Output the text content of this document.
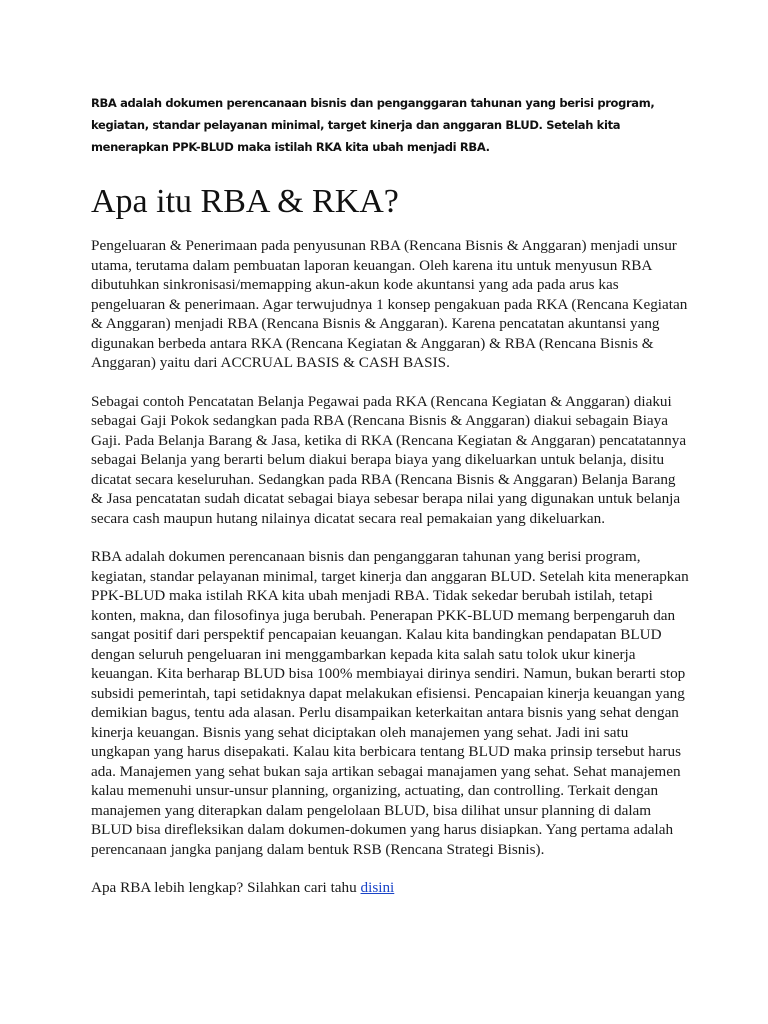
RBA adalah dokumen perencanaan bisnis dan penganggaran tahunan yang berisi program, kegiatan, standar pelayanan minimal, target kinerja dan anggaran BLUD. Setelah kita menerapkan PPK-BLUD maka istilah RKA kita ubah menjadi RBA.

Apa itu RBA & RKA?

Pengeluaran & Penerimaan pada penyusunan RBA (Rencana Bisnis & Anggaran) menjadi unsur utama, terutama dalam pembuatan laporan keuangan. Oleh karena itu untuk menyusun RBA dibutuhkan sinkronisasi/memapping akun-akun kode akuntansi yang ada pada arus kas pengeluaran & penerimaan. Agar terwujudnya 1 konsep pengakuan pada RKA (Rencana Kegiatan & Anggaran) menjadi RBA (Rencana Bisnis & Anggaran). Karena pencatatan akuntansi yang digunakan berbeda antara RKA (Rencana Kegiatan & Anggaran) & RBA (Rencana Bisnis & Anggaran) yaitu dari ACCRUAL BASIS & CASH BASIS.

Sebagai contoh Pencatatan Belanja Pegawai pada RKA (Rencana Kegiatan & Anggaran) diakui sebagai Gaji Pokok sedangkan pada RBA (Rencana Bisnis & Anggaran) diakui sebagain Biaya Gaji. Pada Belanja Barang & Jasa, ketika di RKA (Rencana Kegiatan & Anggaran) pencatatannya sebagai Belanja yang berarti belum diakui berapa biaya yang dikeluarkan untuk belanja, disitu dicatat secara keseluruhan. Sedangkan pada RBA (Rencana Bisnis & Anggaran) Belanja Barang & Jasa pencatatan sudah dicatat sebagai biaya sebesar berapa nilai yang digunakan untuk belanja secara cash maupun hutang nilainya dicatat secara real pemakaian yang dikeluarkan.

RBA adalah dokumen perencanaan bisnis dan penganggaran tahunan yang berisi program, kegiatan, standar pelayanan minimal, target kinerja dan anggaran BLUD. Setelah kita menerapkan PPK-BLUD maka istilah RKA kita ubah menjadi RBA. Tidak sekedar berubah istilah, tetapi konten, makna, dan filosofinya juga berubah. Penerapan PKK-BLUD memang berpengaruh dan sangat positif dari perspektif pencapaian keuangan. Kalau kita bandingkan pendapatan BLUD dengan seluruh pengeluaran ini menggambarkan kepada kita salah satu tolok ukur kinerja keuangan. Kita berharap BLUD bisa 100% membiayai dirinya sendiri. Namun, bukan berarti stop subsidi pemerintah, tapi setidaknya dapat melakukan efisiensi. Pencapaian kinerja keuangan yang demikian bagus, tentu ada alasan. Perlu disampaikan keterkaitan antara bisnis yang sehat dengan kinerja keuangan. Bisnis yang sehat diciptakan oleh manajemen yang sehat. Jadi ini satu ungkapan yang harus disepakati. Kalau kita berbicara tentang BLUD maka prinsip tersebut harus ada. Manajemen yang sehat bukan saja artikan sebagai manajamen yang sehat. Sehat manajemen kalau memenuhi unsur-unsur planning, organizing, actuating, dan controlling. Terkait dengan manajemen yang diterapkan dalam pengelolaan BLUD, bisa dilihat unsur planning di dalam BLUD bisa direfleksikan dalam dokumen-dokumen yang harus disiapkan. Yang pertama adalah perencanaan jangka panjang dalam bentuk RSB (Rencana Strategi Bisnis).

Apa RBA lebih lengkap? Silahkan cari tahu disini
